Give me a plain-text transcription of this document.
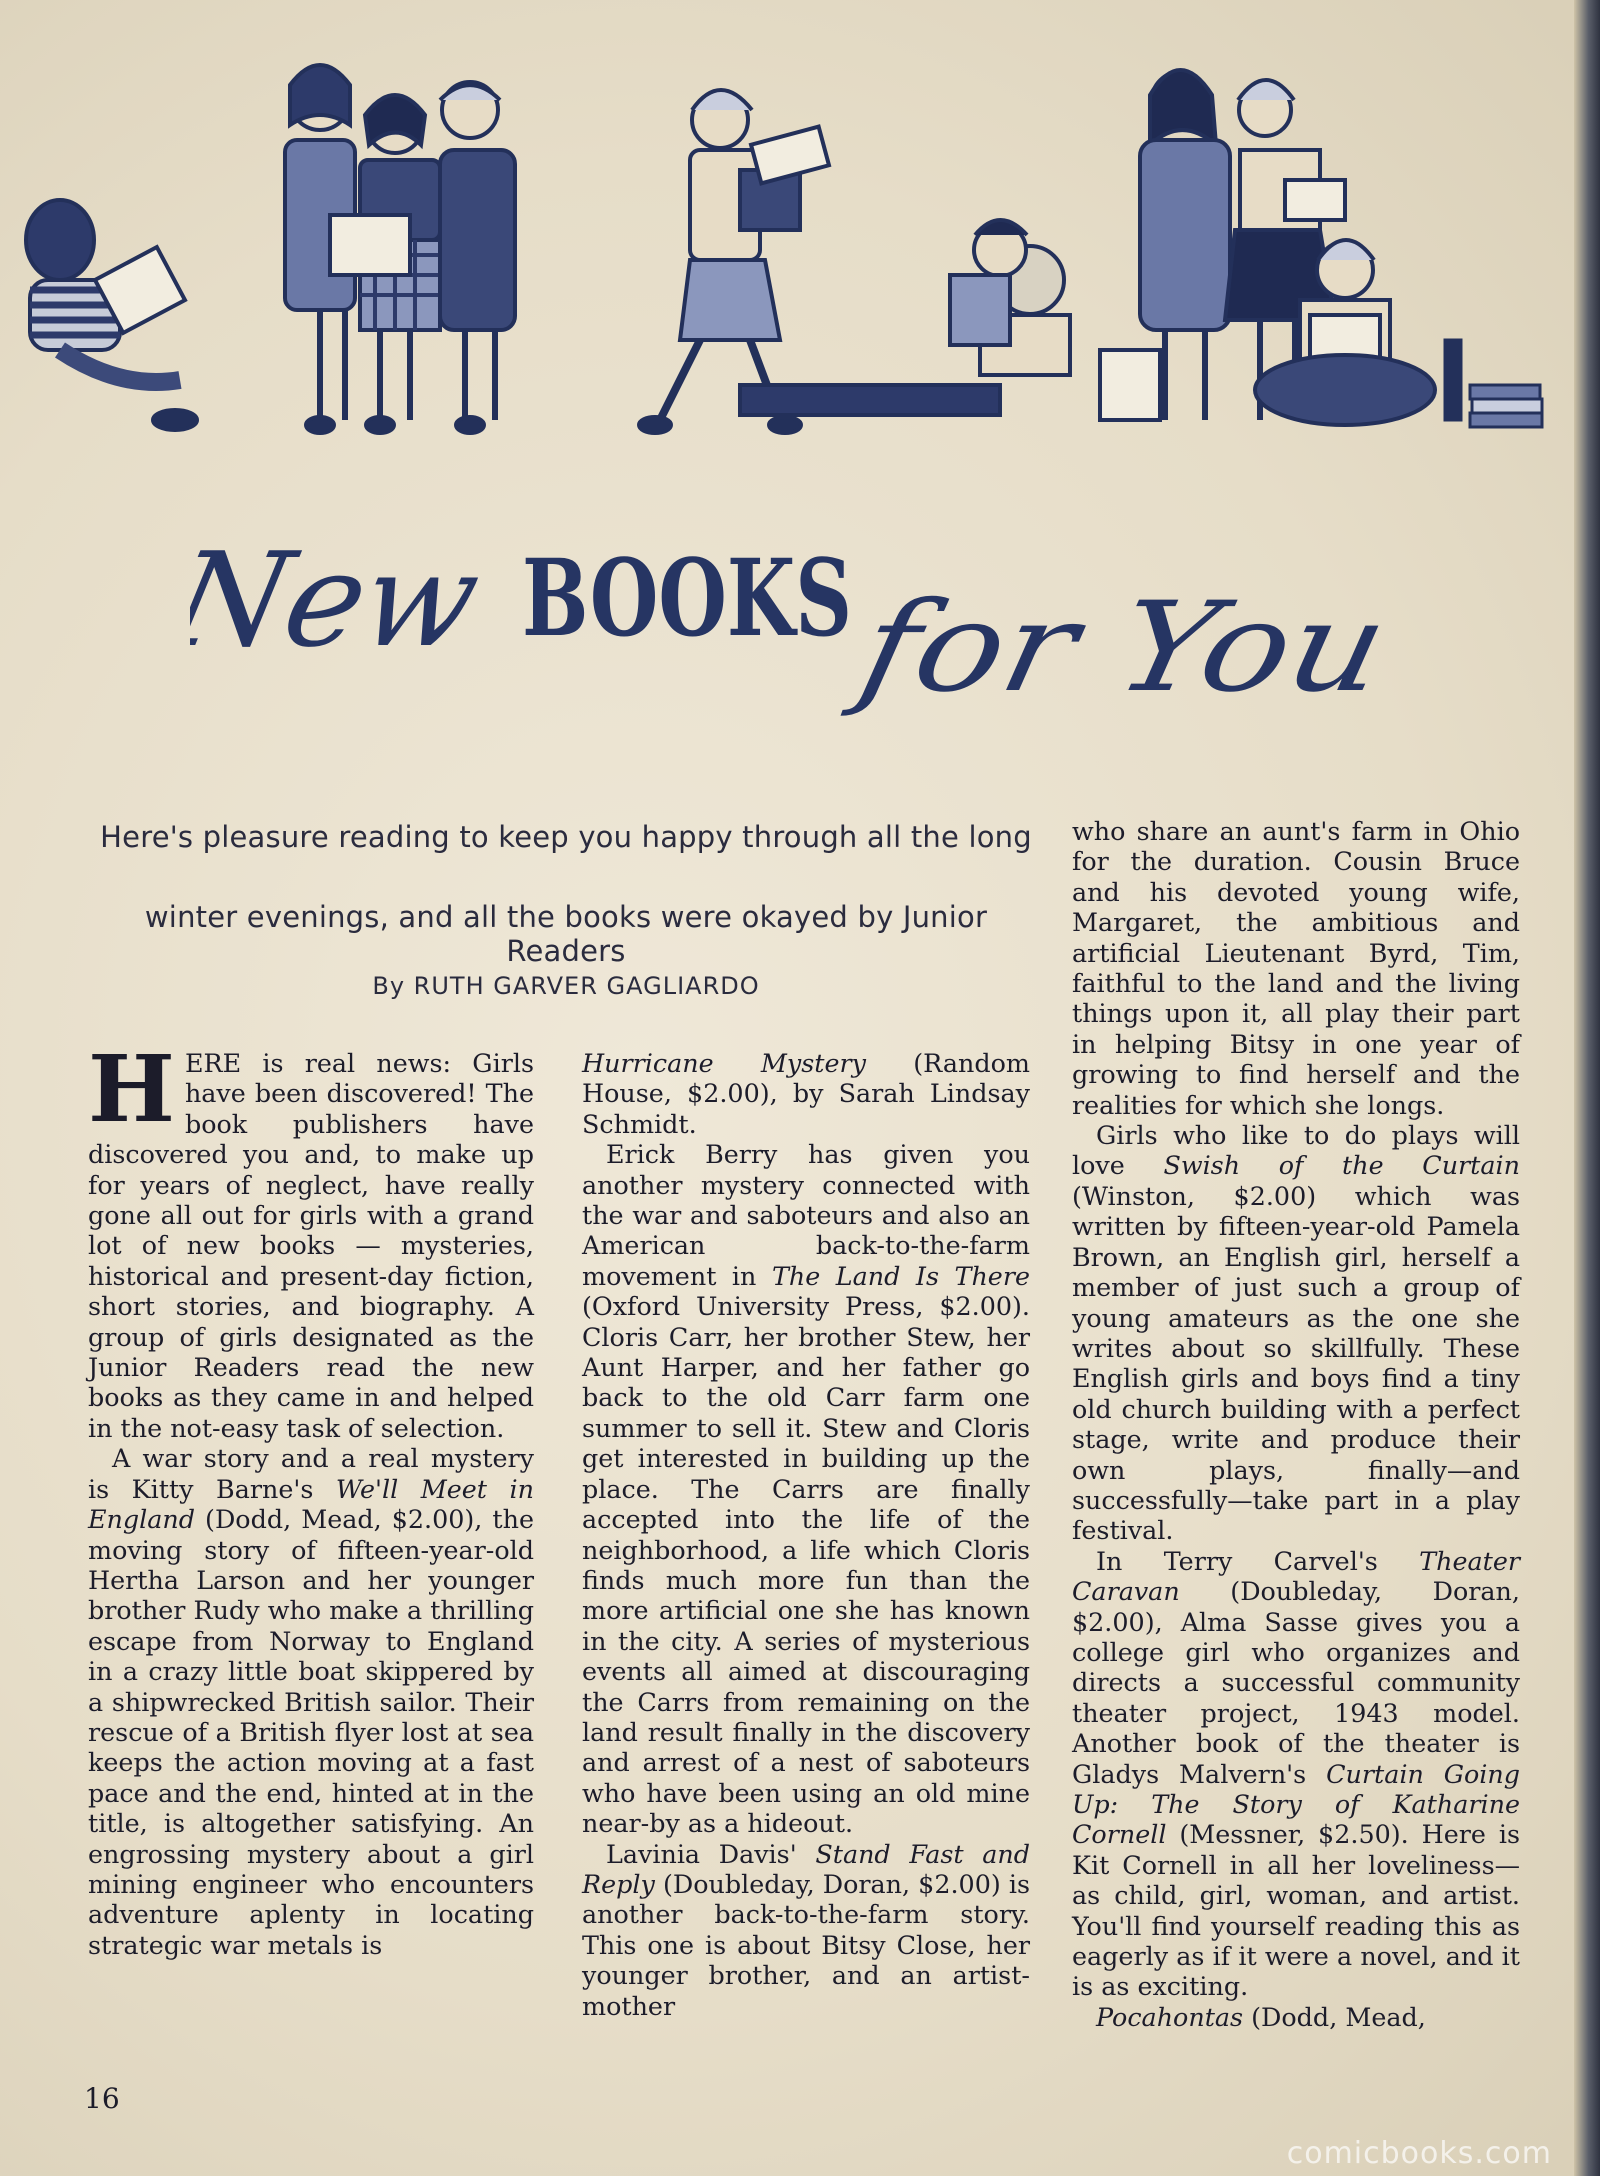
New BOOKS
for You
Here's pleasure reading to keep you happy through all the long
winter evenings, and all the books were okayed by Junior Readers
By RUTH GARVER GAGLIARDO

HERE is real news: Girls have been discovered! The book publishers have discovered you and, to make up for years of neglect, have really gone all out for girls with a grand lot of new books — mysteries, historical and present-day fiction, short stories, and biography. A group of girls designated as the Junior Readers read the new books as they came in and helped in the not-easy task of selection.

A war story and a real mystery is Kitty Barne's We'll Meet in England (Dodd, Mead, $2.00), the moving story of fifteen-year-old Hertha Larson and her younger brother Rudy who make a thrilling escape from Norway to England in a crazy little boat skippered by a shipwrecked British sailor. Their rescue of a British flyer lost at sea keeps the action moving at a fast pace and the end, hinted at in the title, is altogether satisfying. An engrossing mystery about a girl mining engineer who encounters adventure aplenty in locating strategic war metals is

Hurricane Mystery (Random House, $2.00), by Sarah Lindsay Schmidt.

Erick Berry has given you another mystery connected with the war and saboteurs and also an American back-to-the-farm movement in The Land Is There (Oxford University Press, $2.00). Cloris Carr, her brother Stew, her Aunt Harper, and her father go back to the old Carr farm one summer to sell it. Stew and Cloris get interested in building up the place. The Carrs are finally accepted into the life of the neighborhood, a life which Cloris finds much more fun than the more artificial one she has known in the city. A series of mysterious events all aimed at discouraging the Carrs from remaining on the land result finally in the discovery and arrest of a nest of saboteurs who have been using an old mine near-by as a hideout.

Lavinia Davis' Stand Fast and Reply (Doubleday, Doran, $2.00) is another back-to-the-farm story. This one is about Bitsy Close, her younger brother, and an artist-mother

who share an aunt's farm in Ohio for the duration. Cousin Bruce and his devoted young wife, Margaret, the ambitious and artificial Lieutenant Byrd, Tim, faithful to the land and the living things upon it, all play their part in helping Bitsy in one year of growing to find herself and the realities for which she longs.

Girls who like to do plays will love Swish of the Curtain (Winston, $2.00) which was written by fifteen-year-old Pamela Brown, an English girl, herself a member of just such a group of young amateurs as the one she writes about so skillfully. These English girls and boys find a tiny old church building with a perfect stage, write and produce their own plays, finally—and successfully—take part in a play festival.

In Terry Carvel's Theater Caravan (Doubleday, Doran, $2.00), Alma Sasse gives you a college girl who organizes and directs a successful community theater project, 1943 model. Another book of the theater is Gladys Malvern's Curtain Going Up: The Story of Katharine Cornell (Messner, $2.50). Here is Kit Cornell in all her loveliness—as child, girl, woman, and artist. You'll find yourself reading this as eagerly as if it were a novel, and it is as exciting.

Pocahontas (Dodd, Mead,

16
comicbooks.com
